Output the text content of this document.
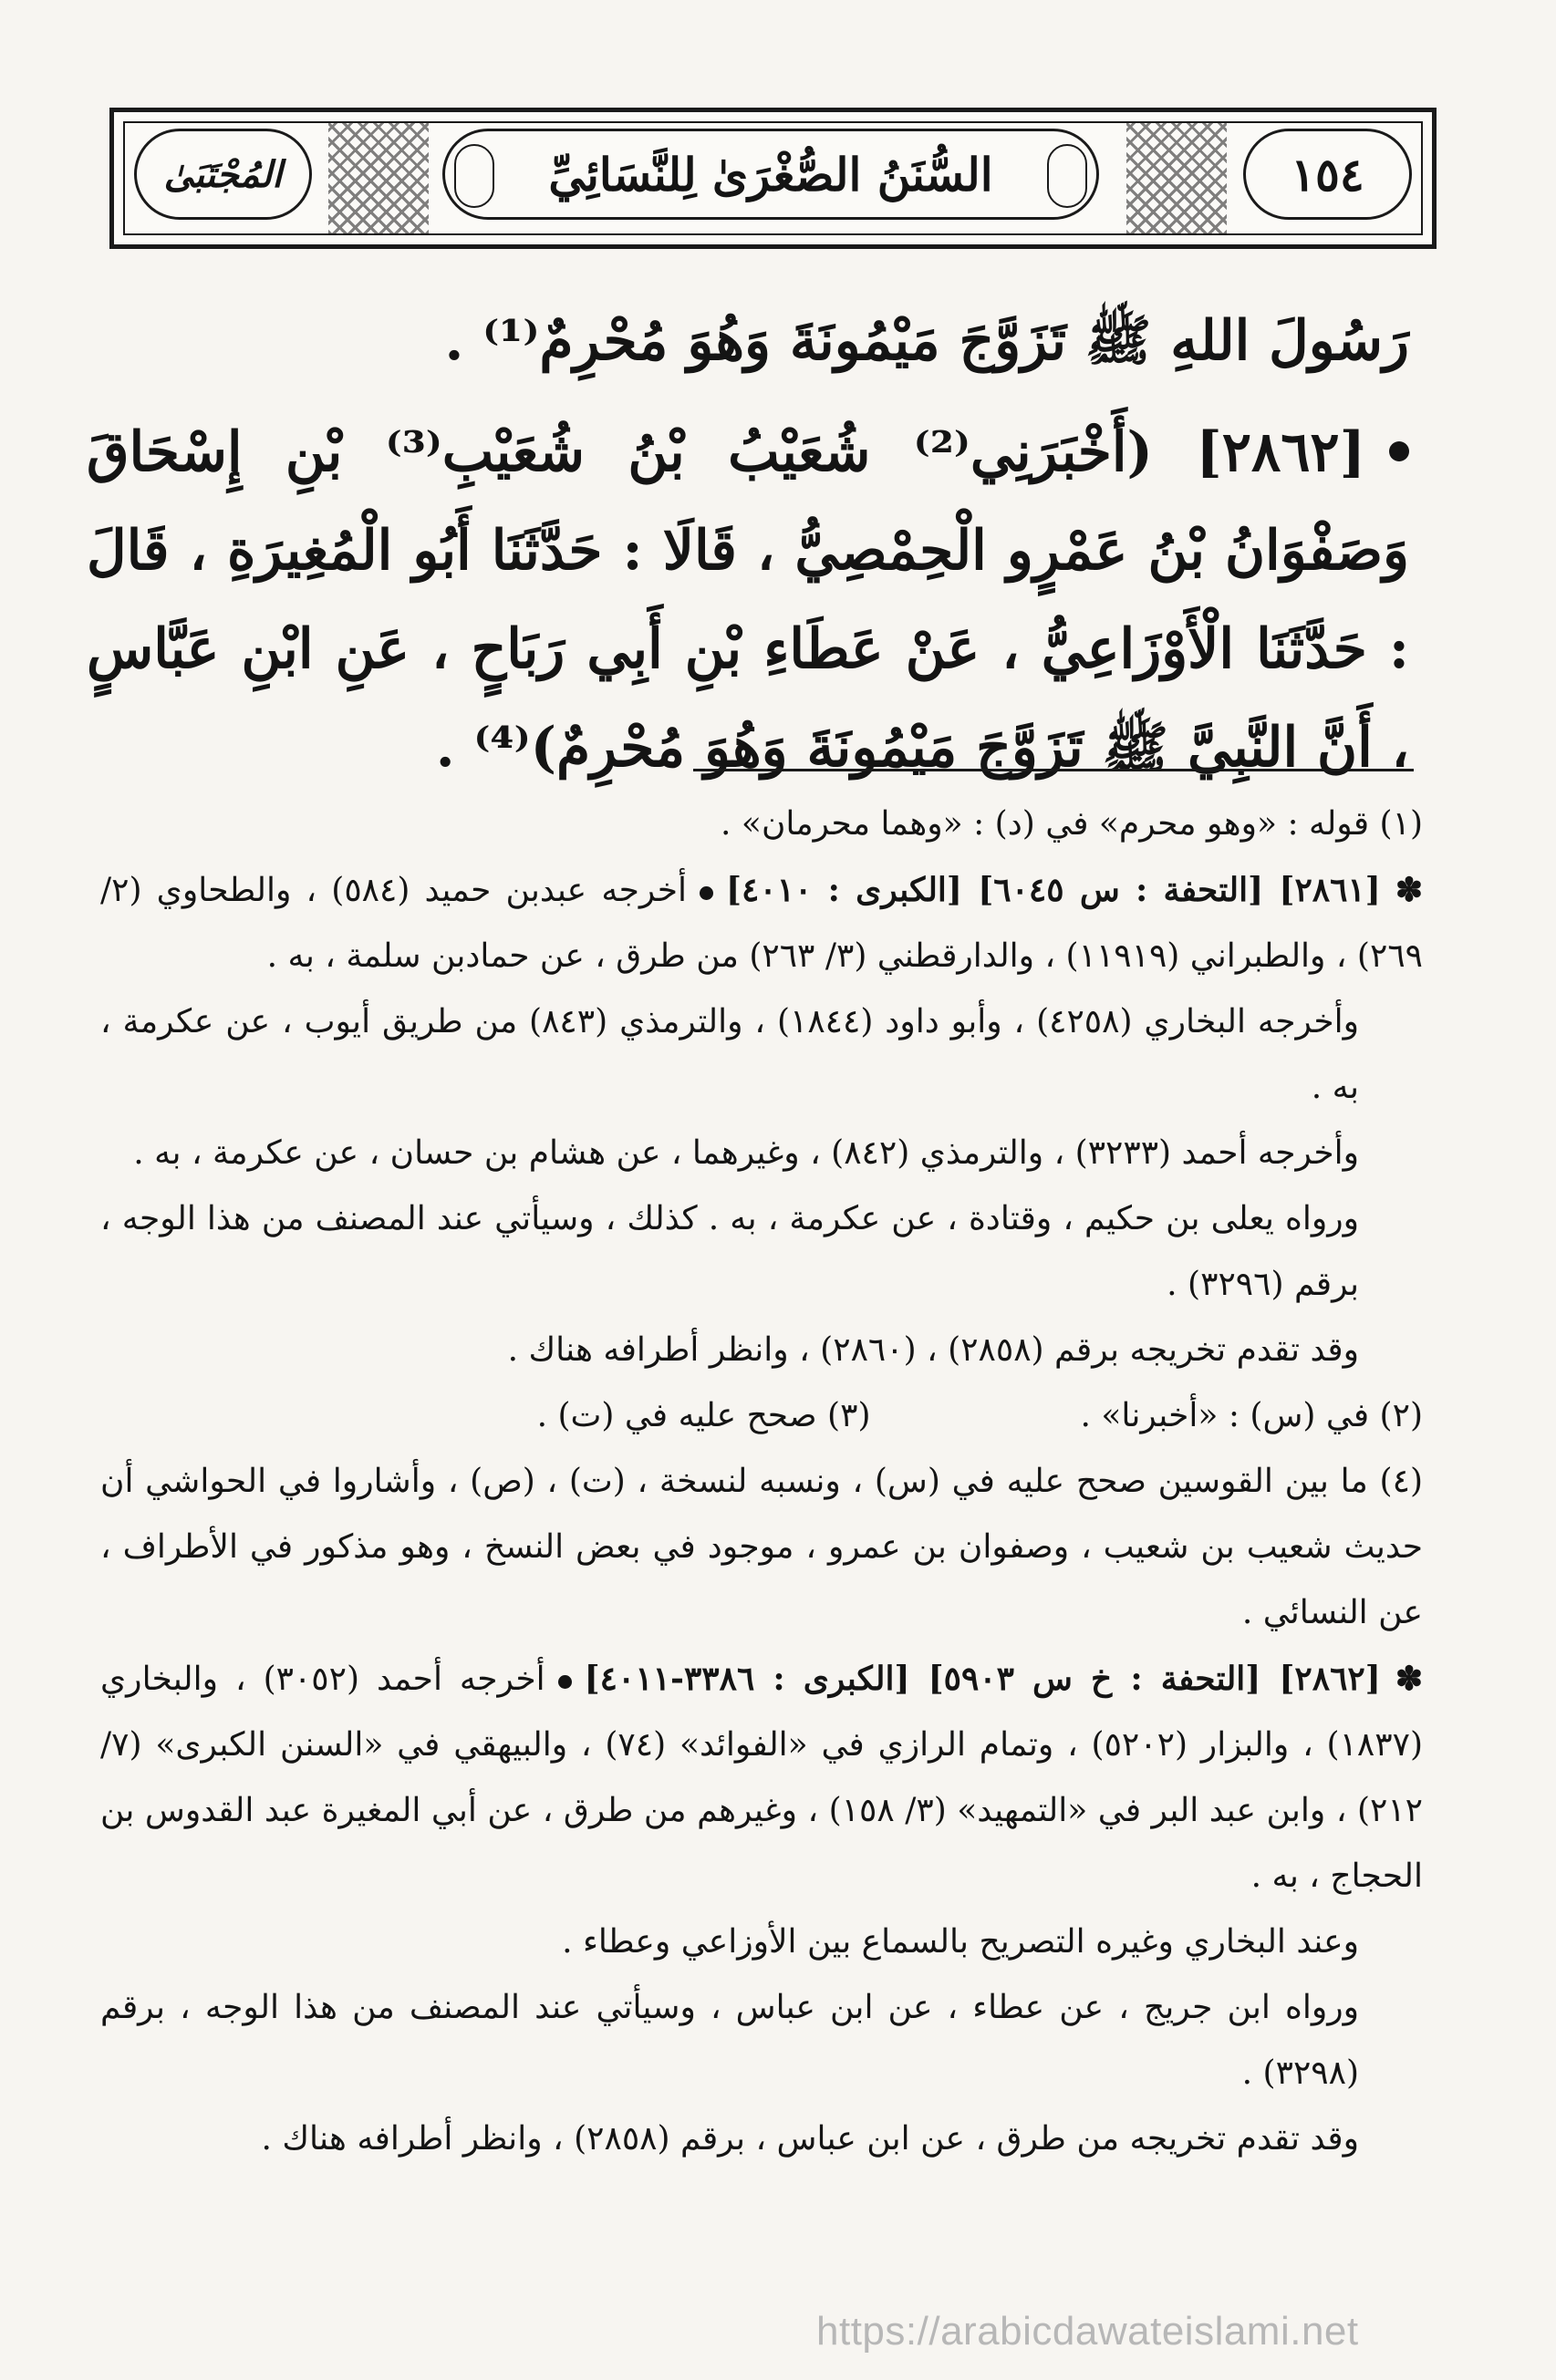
المُجْتَبَىٰ	السُّنَنُ الصُّغْرَىٰ لِلنَّسَائِيِّ	١٥٤

رَسُولَ اللهِ ﷺ تَزَوَّجَ مَيْمُونَةَ وَهُوَ مُحْرِمٌ⁽¹⁾ .

[٢٨٦٢] (أَخْبَرَنِي⁽²⁾ شُعَيْبُ بْنُ شُعَيْبِ⁽³⁾ بْنِ إِسْحَاقَ وَصَفْوَانُ بْنُ عَمْرٍو الْحِمْصِيُّ ، قَالَا : حَدَّثَنَا أَبُو الْمُغِيرَةِ ، قَالَ : حَدَّثَنَا الْأَوْزَاعِيُّ ، عَنْ عَطَاءِ بْنِ أَبِي رَبَاحٍ ، عَنِ ابْنِ عَبَّاسٍ ، أَنَّ النَّبِيَّ ﷺ تَزَوَّجَ مَيْمُونَةَ وَهُوَ مُحْرِمٌ)⁽⁴⁾ .

(١) قوله : «وهو محرم» في (د) : «وهما محرمان» .

✽[٢٨٦١] [التحفة : س ٦٠٤٥] [الكبرى : ٤٠١٠]أخرجه عبدبن حميد (٥٨٤) ، والطحاوي (٢/ ٢٦٩) ، والطبراني (١١٩١٩) ، والدارقطني (٣/ ٢٦٣) من طرق ، عن حمادبن سلمة ، به .

وأخرجه البخاري (٤٢٥٨) ، وأبو داود (١٨٤٤) ، والترمذي (٨٤٣) من طريق أيوب ، عن عكرمة ، به .

وأخرجه أحمد (٣٢٣٣) ، والترمذي (٨٤٢) ، وغيرهما ، عن هشام بن حسان ، عن عكرمة ، به .

ورواه يعلى بن حكيم ، وقتادة ، عن عكرمة ، به . كذلك ، وسيأتي عند المصنف من هذا الوجه ، برقم (٣٢٩٦) .

وقد تقدم تخريجه برقم (٢٨٥٨) ، (٢٨٦٠) ، وانظر أطرافه هناك .

(٢) في (س) : «أخبرنا» .
(٣) صحح عليه في (ت) .

(٤) ما بين القوسين صحح عليه في (س) ، ونسبه لنسخة ، (ت) ، (ص) ، وأشاروا في الحواشي أن حديث شعيب بن شعيب ، وصفوان بن عمرو ، موجود في بعض النسخ ، وهو مذكور في الأطراف ، عن النسائي .

✽[٢٨٦٢] [التحفة : خ س ٥٩٠٣] [الكبرى : ٣٣٨٦-٤٠١١]أخرجه أحمد (٣٠٥٢) ، والبخاري (١٨٣٧) ، والبزار (٥٢٠٢) ، وتمام الرازي في «الفوائد» (٧٤) ، والبيهقي في «السنن الكبرى» (٧/ ٢١٢) ، وابن عبد البر في «التمهيد» (٣/ ١٥٨) ، وغيرهم من طرق ، عن أبي المغيرة عبد القدوس بن الحجاج ، به .

وعند البخاري وغيره التصريح بالسماع بين الأوزاعي وعطاء .

ورواه ابن جريج ، عن عطاء ، عن ابن عباس ، وسيأتي عند المصنف من هذا الوجه ، برقم (٣٢٩٨) .

وقد تقدم تخريجه من طرق ، عن ابن عباس ، برقم (٢٨٥٨) ، وانظر أطرافه هناك .

https://arabicdawateislami.net
